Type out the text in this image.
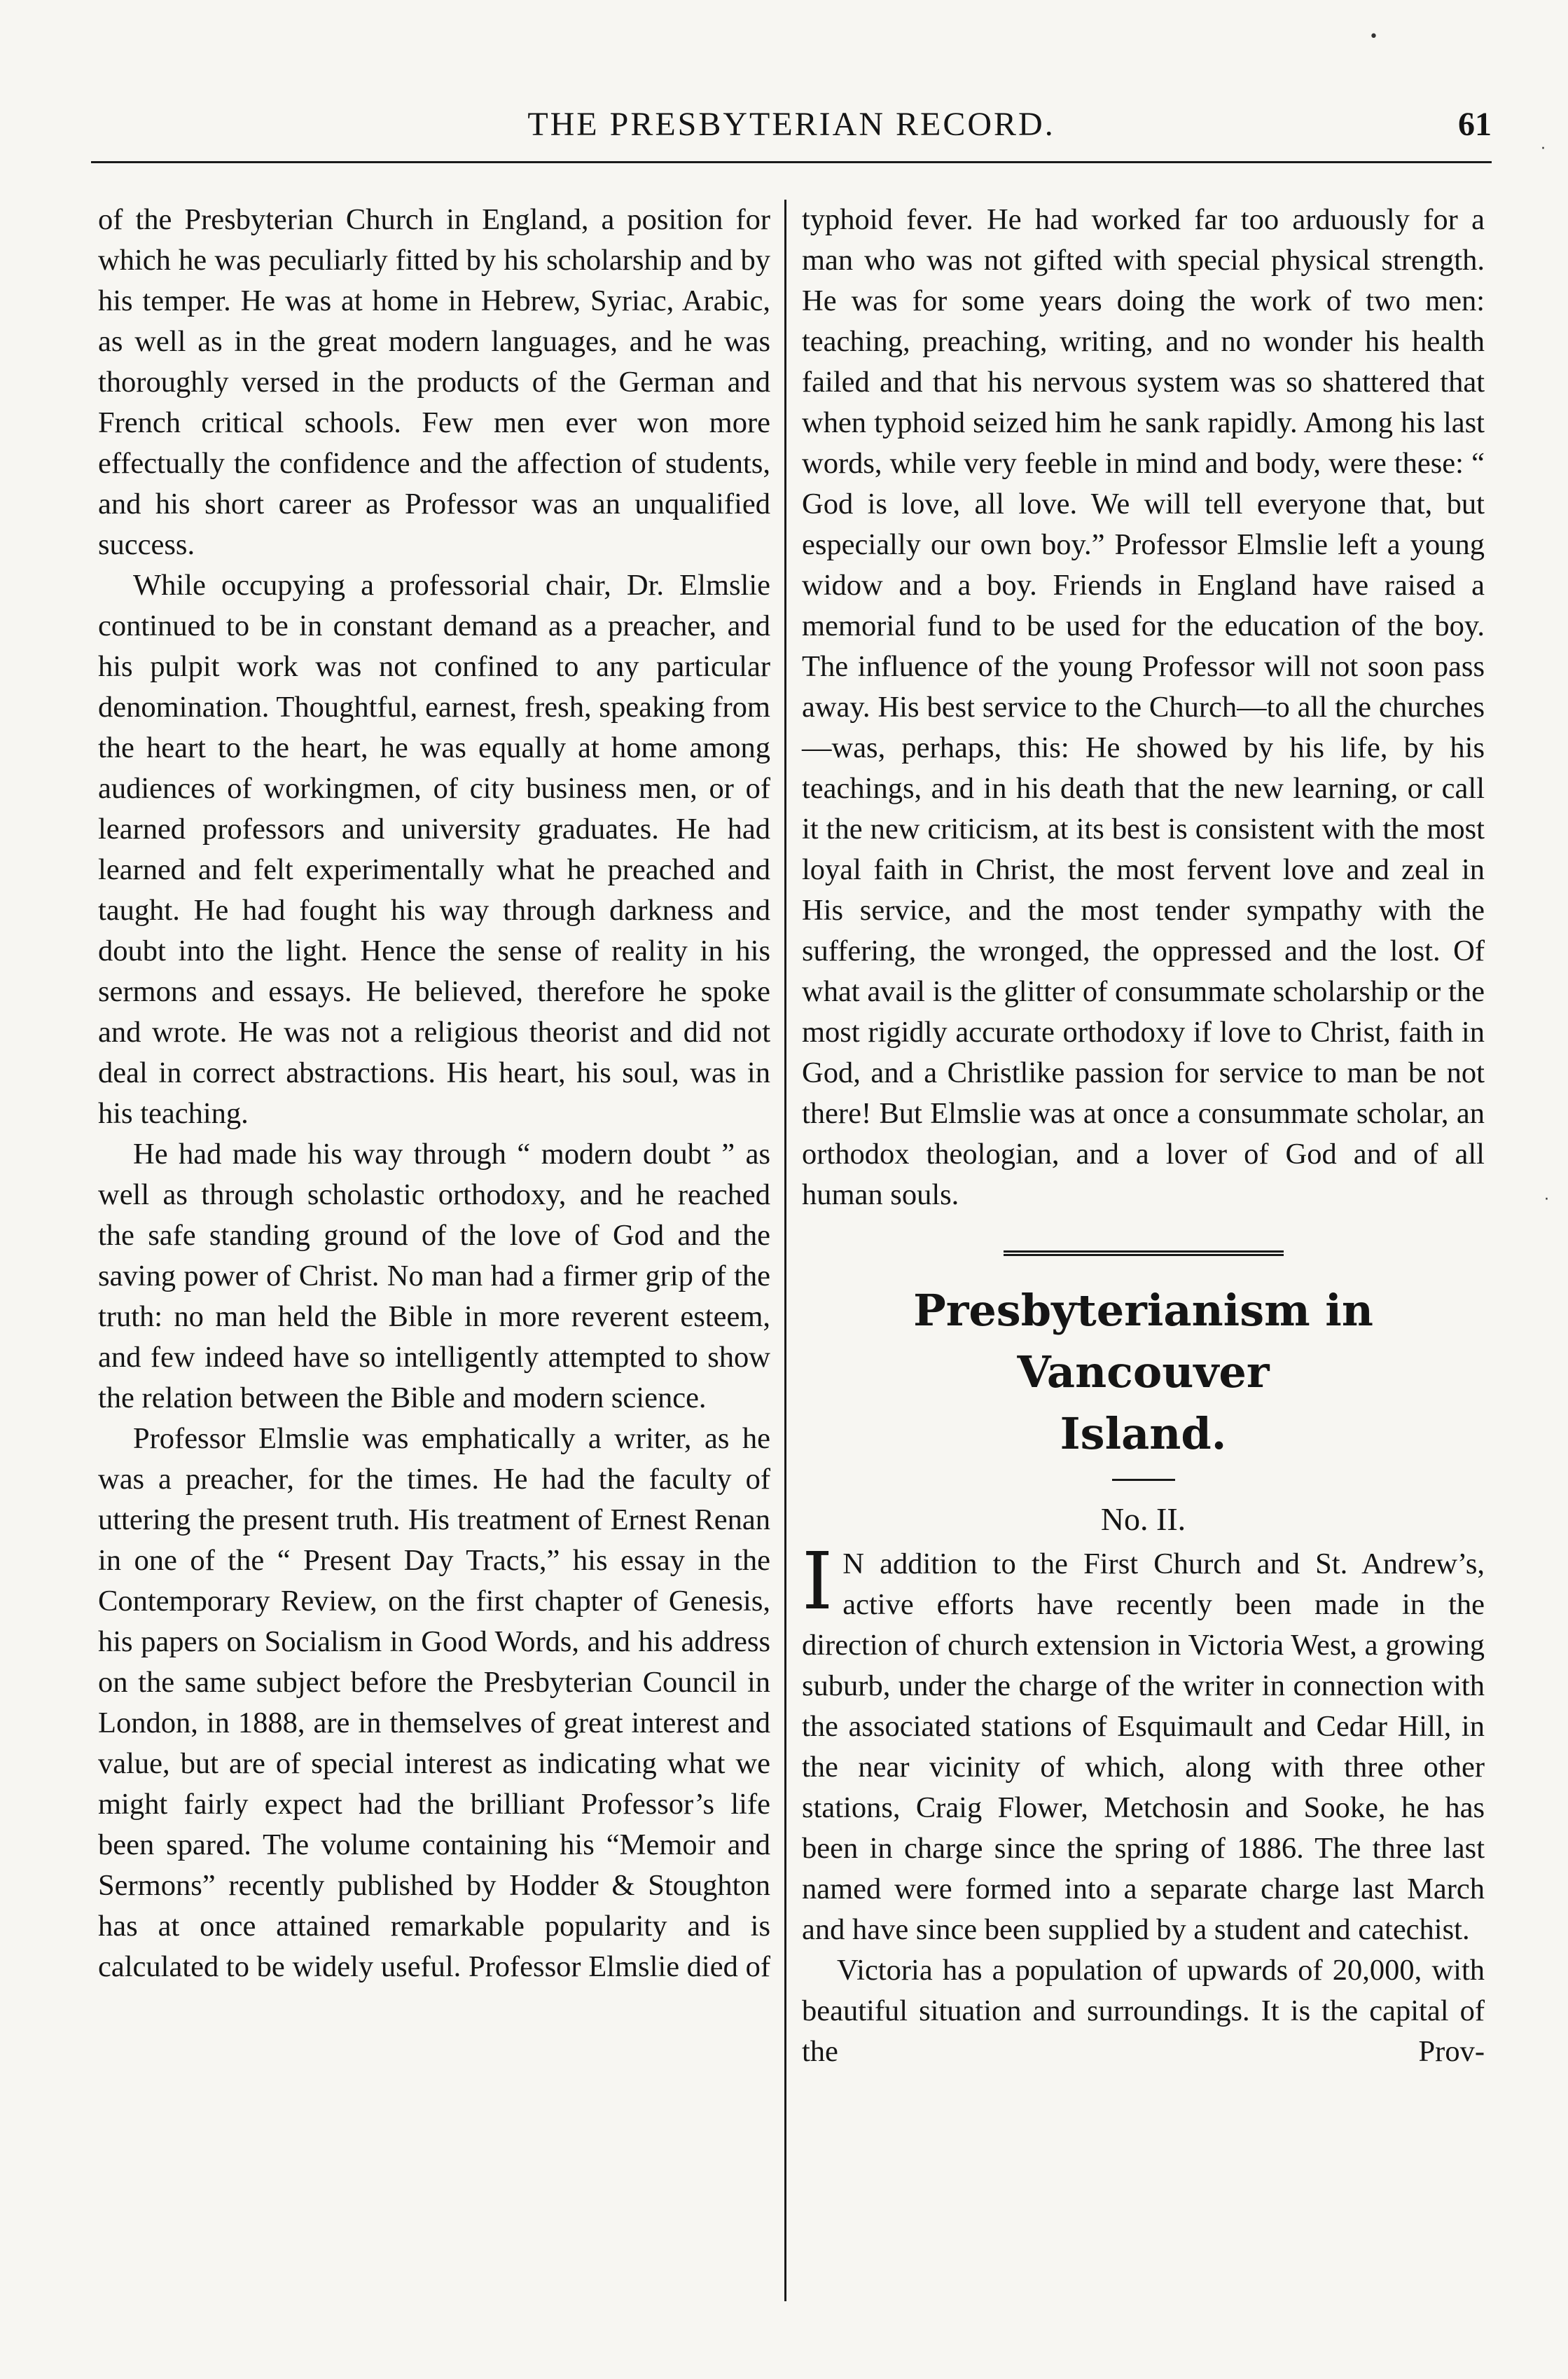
THE PRESBYTERIAN RECORD.	61

of the Presbyterian Church in England, a position for which he was peculiarly fitted by his scholarship and by his temper. He was at home in Hebrew, Syriac, Arabic, as well as in the great modern languages, and he was thoroughly versed in the products of the German and French critical schools. Few men ever won more effectually the confidence and the affection of students, and his short career as Professor was an unqualified success.

While occupying a professorial chair, Dr. Elmslie continued to be in constant demand as a preacher, and his pulpit work was not confined to any particular denomination. Thoughtful, earnest, fresh, speaking from the heart to the heart, he was equally at home among audiences of workingmen, of city business men, or of learned professors and university graduates. He had learned and felt experimentally what he preached and taught. He had fought his way through darkness and doubt into the light. Hence the sense of reality in his sermons and essays. He believed, therefore he spoke and wrote. He was not a religious theorist and did not deal in correct abstractions. His heart, his soul, was in his teaching.

He had made his way through “ modern doubt ” as well as through scholastic orthodoxy, and he reached the safe standing ground of the love of God and the saving power of Christ. No man had a firmer grip of the truth: no man held the Bible in more reverent esteem, and few indeed have so intelligently attempted to show the relation between the Bible and modern science.

Professor Elmslie was emphatically a writer, as he was a preacher, for the times. He had the faculty of uttering the present truth. His treatment of Ernest Renan in one of the “ Present Day Tracts,” his essay in the Contemporary Review, on the first chapter of Genesis, his papers on Socialism in Good Words, and his address on the same subject before the Presbyterian Council in London, in 1888, are in themselves of great interest and value, but are of special interest as indicating what we might fairly expect had the brilliant Professor’s life been spared. The volume containing his “Memoir and Sermons” recently published by Hodder & Stoughton has at once attained remarkable popularity and is calculated to be widely useful. Professor Elmslie died of

typhoid fever. He had worked far too arduously for a man who was not gifted with special physical strength. He was for some years doing the work of two men: teaching, preaching, writing, and no wonder his health failed and that his nervous system was so shattered that when typhoid seized him he sank rapidly. Among his last words, while very feeble in mind and body, were these: “ God is love, all love. We will tell everyone that, but especially our own boy.” Professor Elmslie left a young widow and a boy. Friends in England have raised a memorial fund to be used for the education of the boy. The influence of the young Professor will not soon pass away. His best service to the Church—to all the churches—was, perhaps, this: He showed by his life, by his teachings, and in his death that the new learning, or call it the new criticism, at its best is consistent with the most loyal faith in Christ, the most fervent love and zeal in His service, and the most tender sympathy with the suffering, the wronged, the oppressed and the lost. Of what avail is the glitter of consummate scholarship or the most rigidly accurate orthodoxy if love to Christ, faith in God, and a Christlike passion for service to man be not there! But Elmslie was at once a consummate scholar, an orthodox theologian, and a lover of God and of all human souls.

Presbyterianism in Vancouver
Island.

No. II.

I N addition to the First Church and St. Andrew’s, active efforts have recently been made in the direction of church extension in Victoria West, a growing suburb, under the charge of the writer in connection with the associated stations of Esquimault and Cedar Hill, in the near vicinity of which, along with three other stations, Craig Flower, Metchosin and Sooke, he has been in charge since the spring of 1886. The three last named were formed into a separate charge last March and have since been supplied by a student and catechist.

Victoria has a population of upwards of 20,000, with beautiful situation and surroundings. It is the capital of the Prov-

•
·
·
